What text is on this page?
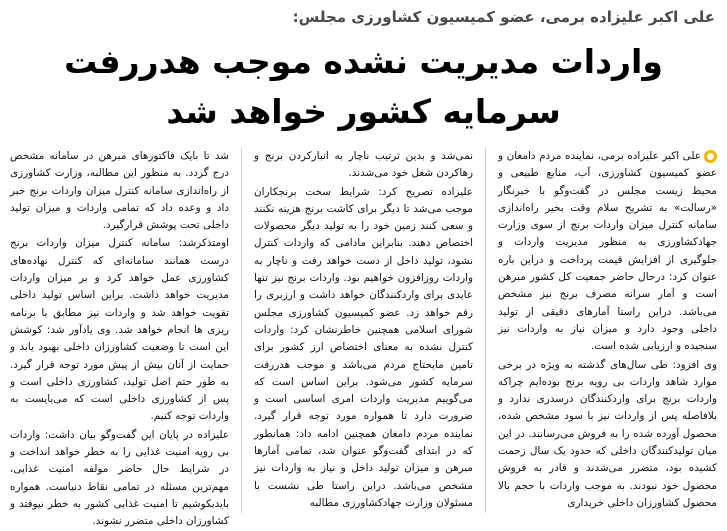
علی اکبر علیزاده برمی، عضو کمیسیون کشاورزی مجلس:
واردات مدیریت نشده موجب هدررفت
سرمایه کشور خواهد شد

علی اکبر علیزاده برمی، نماینده مردم دامغان و عضو کمیسیون کشاورزی، آب، منابع طبیعی و محیط زیست مجلس در گفت‌وگو با خبرنگار «رسالت» به تشریح سلام وقت بخیر راه‌اندازی سامانه کنترل میزان واردات برنج از سوی وزارت جهادکشاورزی به منظور مدیریت واردات و جلوگیری از افزایش قیمت پرداخت و دراین باره عنوان کرد: درحال حاضر جمعیت کل کشور مبرهن است و آمار سرانه مصرف برنج نیز مشخص می‌باشد. دراین راستا آمارهای دقیقی از تولید داخلی وجود دارد و میزان نیاز به واردات نیز سنجیده و ارزیابی شده است.

وی افزود: طی سال‌های گذشته به ویژه در برخی موارد شاهد واردات بی رویه برنج بوده‌ایم چراکه واردات برنج برای واردکنندگان درسدری ندارد و بلافاصله پس از واردات نیز با سود مشخص شده، محصول آورده شده را به فروش می‌رسانند. در این میان تولیدکنندگان داخلی که حدود یک سال زحمت کشیده بود، متضرر می‌شدند و قادر به فروش محصول خود نبودند. به موجب واردات با حجم بالا محصول کشاورزان داخلی خریداری

نمی‌شد و بدین ترتیب ناچار به انبارکردن برنج و رهاکردن شغل خود می‌شدند.

علیزاده تصریح کرد: شرایط سخت برنجکاران موجب می‌شد تا دیگر برای کاشت برنج هزینه نکنند و سعی کنند زمین خود را به تولید دیگر محصولات اختصاص دهند. بنابراین مادامی که واردات کنترل نشود، تولید داخل از دست خواهد رفت و ناچار به واردات روزافزون خواهیم بود. واردات برنج نیز تنها عایدی برای واردکنندگان خواهد داشت و ارزبری را رقم خواهد زد. عضو کمیسیون کشاورزی مجلس شورای اسلامی همچنین خاطرنشان کرد: واردات کنترل نشده به معنای اختصاص ارز کشور برای تامین مایحتاج مردم می‌باشد و موجب هدررفت سرمایه کشور می‌شود. براین اساس است که می‌گوییم مدیریت واردات امری اساسی است و ضرورت دارد تا همواره مورد توجه قرار گیرد. نماینده مردم دامغان همچنین ادامه داد: همانطور که در ابتدای گفت‌وگو عنوان شد، تمامی آمارها مبرهن و میزان تولید داخل و نیاز به واردات نیز مشخص می‌باشد. دراین راستا طی نشست با مسئولان وزارت جهادکشاورزی مطالبه

شد تا بایک فاکتورهای مبرهن در سامانه مشخص درج گردد. به منظور این مطالبه، وزارت کشاورزی از راه‌اندازی سامانه کنترل میزان واردات برنج خبر داد و وعده داد که تمامی واردات و میزان تولید داخلی تحت پوشش قرارگیرد.

اومتذکرشد: سامانه کنترل میزان واردات برنج درست همانند سامانه‌ای که کنترل نهاده‌های کشاورزی عمل خواهد کرد و بر میزان واردات مدیریت خواهد داشت. براین اساس تولید داخلی تقویت خواهد شد و واردات نیز مطابق با برنامه ریزی ها انجام خواهد شد. وی یادآور شد: کوشش این است تا وضعیت کشاورزان داخلی بهبود یابد و حمایت از آنان بیش از پیش مورد توجه قرار گیرد. به طور حتم اصل تولید، کشاورزی داخلی است و پس از کشاورزی داخلی است که می‌بایست به واردات توجه کنیم.

علیزاده در پایان این گفت‌وگو بیان داشت: واردات بی رویه امنیت غذایی را به خطر خواهد انداخت و در شرایط حال حاضر مولفه امنیت غذایی، مهم‌ترین مسئله در تمامی نقاط دنیاست. همواره بایدبکوشیم تا امنیت غذایی کشور به خطر نیوفتد و کشاورزان داخلی متضرر نشوند.
